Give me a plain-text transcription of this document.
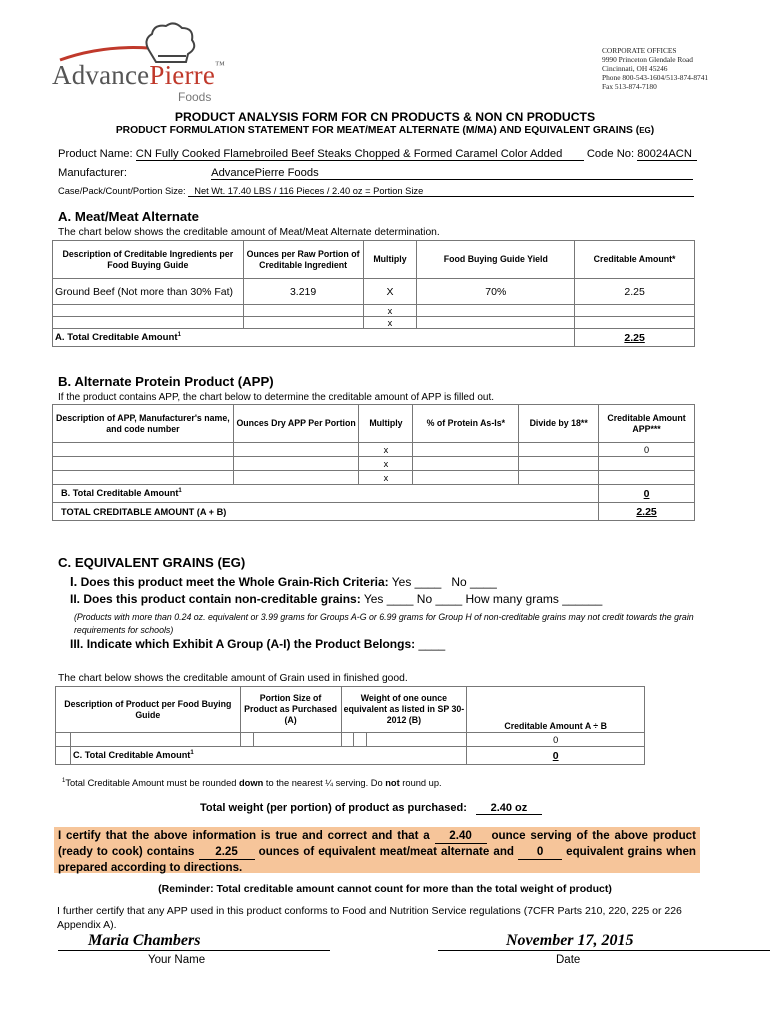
AdvancePierre™
Foods
CORPORATE OFFICES
9990 Princeton Glendale Road
Cincinnati, OH 45246
Phone 800-543-1604/513-874-8741
Fax 513-874-7180
PRODUCT ANALYSIS FORM FOR CN PRODUCTS & NON CN PRODUCTS
PRODUCT FORMULATION STATEMENT FOR MEAT/MEAT ALTERNATE (M/MA) AND EQUIVALENT GRAINS (EG)
Product Name: CN Fully Cooked Flamebroiled Beef Steaks Chopped & Formed Caramel Color Added Code No: 80024ACN
Manufacturer:	AdvancePierre Foods
Case/Pack/Count/Portion Size: Net Wt. 17.40 LBS / 116 Pieces / 2.40 oz = Portion Size
A. Meat/Meat Alternate
The chart below shows the creditable amount of Meat/Meat Alternate determination.
Description of Creditable Ingredients per Food Buying Guide	Ounces per Raw Portion of Creditable Ingredient	Multiply	Food Buying Guide Yield	Creditable Amount*
Ground Beef (Not more than 30% Fat)	3.219	X	70%	2.25
		x		
		x		
A. Total Creditable Amount$^1$				2.25
B. Alternate Protein Product (APP)
If the product contains APP, the chart below to determine the creditable amount of APP is filled out.
Description of APP, Manufacturer's name, and code number	Ounces Dry APP Per Portion	Multiply	% of Protein As-Is*	Divide by 18**	Creditable Amount APP***
		x			0
		x			
		x			
B. Total Creditable Amount$^1$					0
TOTAL CREDITABLE AMOUNT (A + B)					2.25
C. EQUIVALENT GRAINS (EG)
I. Does this product meet the Whole Grain-Rich Criteria: Yes ____ No ____
II. Does this product contain non-creditable grains: Yes ____ No ____ How many grams ______
(Products with more than 0.24 oz. equivalent or 3.99 grams for Groups A-G or 6.99 grams for Group H of non-creditable grains may not credit towards the grain requirements for schools)
III. Indicate which Exhibit A Group (A-I) the Product Belongs: ____
The chart below shows the creditable amount of Grain used in finished good.
Description of Product per Food Buying Guide		Portion Size of Product as Purchased (A)		Weight of one ounce equivalent as listed in SP 30-2012 (B)			Creditable Amount A ÷ B
							0
	C. Total Creditable Amount$^1$						0
$^1$Total Creditable Amount must be rounded down to the nearest ¼ serving. Do not round up.
Total weight (per portion) of product as purchased: 2.40 oz
I certify that the above information is true and correct and that a 2.40 ounce serving of the above product (ready to cook) contains 2.25 ounces of equivalent meat/meat alternate and 0 equivalent grains when prepared according to directions.
(Reminder: Total creditable amount cannot count for more than the total weight of product)
I further certify that any APP used in this product conforms to Food and Nutrition Service regulations (7CFR Parts 210, 220, 225 or 226 Appendix A).
Maria Chambers
Your Name
November 17, 2015
Date
